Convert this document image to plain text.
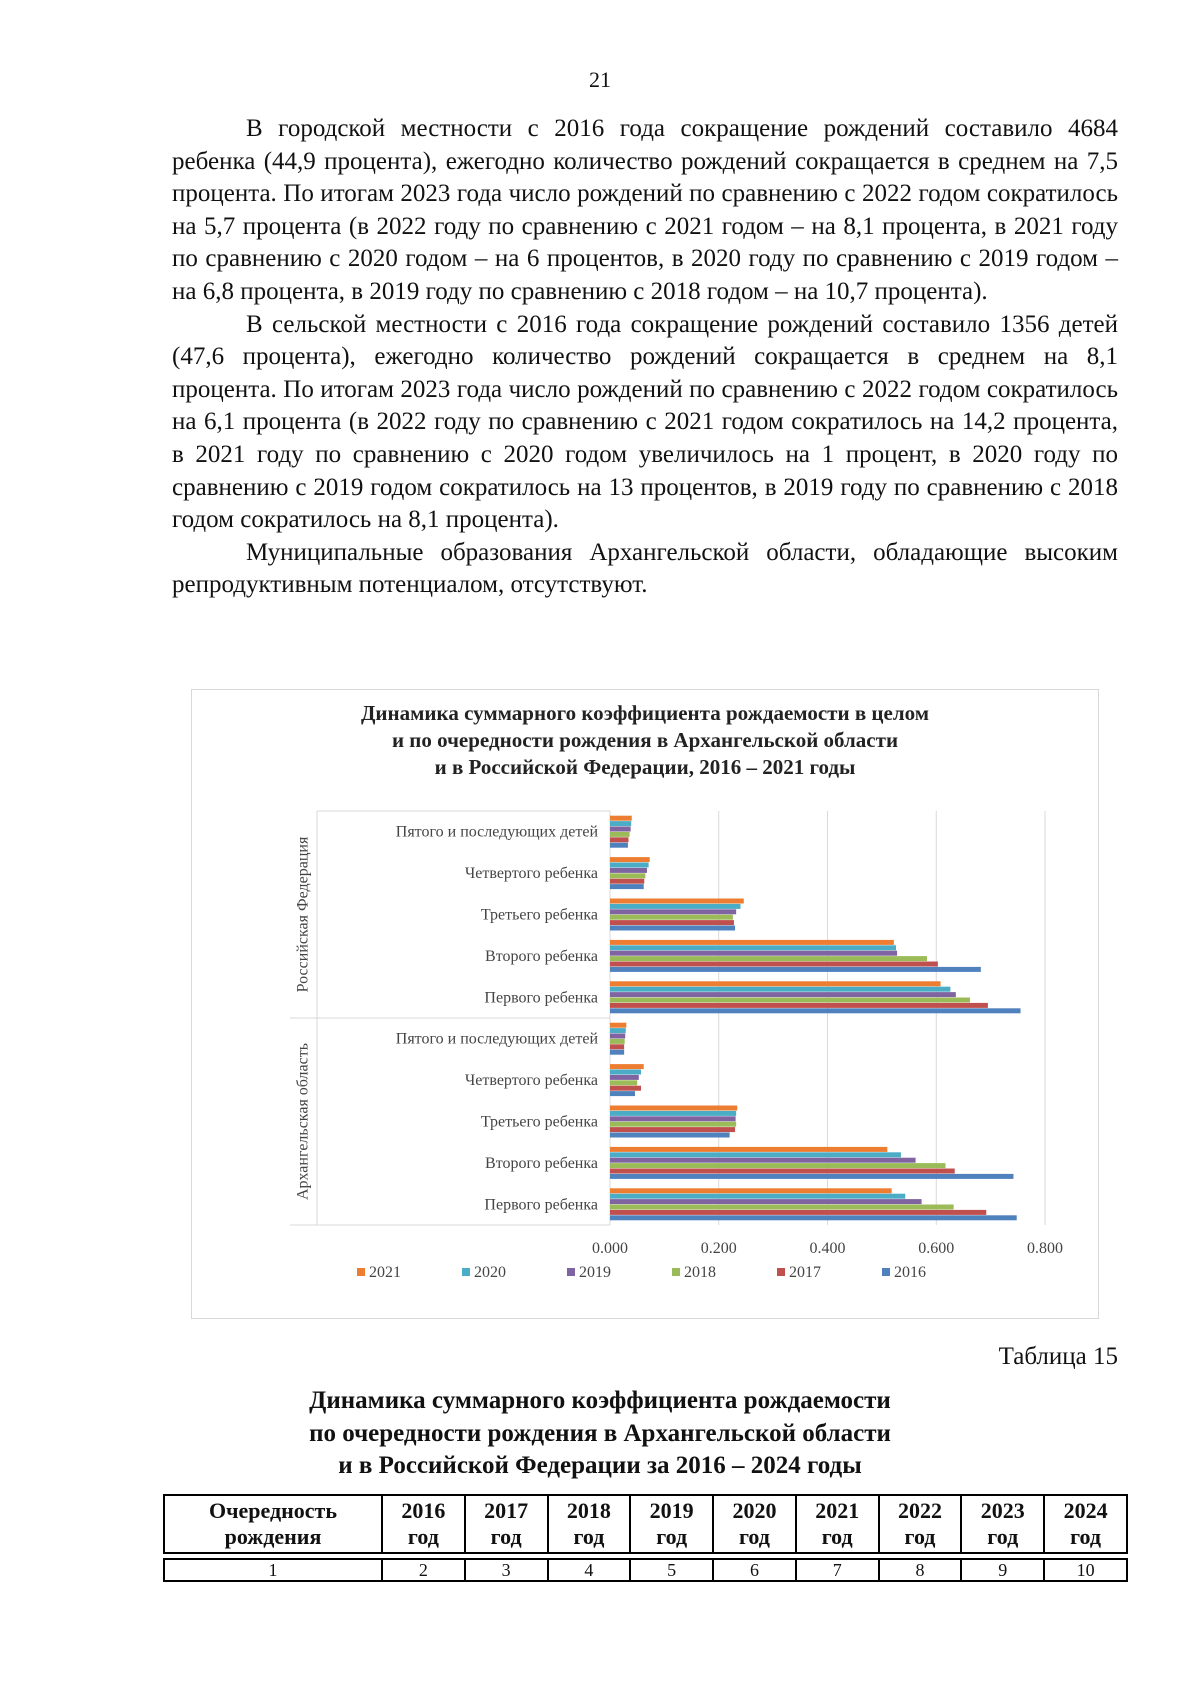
21

В городской местности с 2016 года сокращение рождений составило 4684 ребенка (44,9 процента), ежегодно количество рождений сокращается в среднем на 7,5 процента. По итогам 2023 года число рождений по сравнению с 2022 годом сократилось на 5,7 процента (в 2022 году по сравнению с 2021 годом – на 8,1 процента, в 2021 году по сравнению с 2020 годом – на 6 процентов, в 2020 году по сравнению с 2019 годом – на 6,8 процента, в 2019 году по сравнению с 2018 годом – на 10,7 процента).

В сельской местности с 2016 года сокращение рождений составило 1356 детей (47,6 процента), ежегодно количество рождений сокращается в среднем на 8,1 процента. По итогам 2023 года число рождений по сравнению с 2022 годом сократилось на 6,1 процента (в 2022 году по сравнению с 2021 годом сократилось на 14,2 процента, в 2021 году по сравнению с 2020 годом увеличилось на 1 процент, в 2020 году по сравнению с 2019 годом сократилось на 13 процентов, в 2019 году по сравнению с 2018 годом сократилось на 8,1 процента).

Муниципальные образования Архангельской области, обладающие высоким репродуктивным потенциалом, отсутствуют.

Динамика суммарного коэффициента рождаемости в целом
и по очередности рождения в Архангельской области
и в Российской Федерации, 2016 – 2021 годы
0.000	0.200	0.400	0.600	0.800
Российская Федерация
Пятого и последующих детей
Четвертого ребенка
Третьего ребенка
Второго ребенка
Первого ребенка
Архангельская область
Пятого и последующих детей
Четвертого ребенка
Третьего ребенка
Второго ребенка
Первого ребенка
2021	2020	2019	2018	2017	2016
Таблица 15
Динамика суммарного коэффициента рождаемости
по очередности рождения в Архангельской области
и в Российской Федерации за 2016 – 2024 годы
Очередность рождения	2016 год	2017 год	2018 год	2019 год	2020 год	2021 год	2022 год	2023 год	2024 год

1	2	3	4	5	6	7	8	9	10
